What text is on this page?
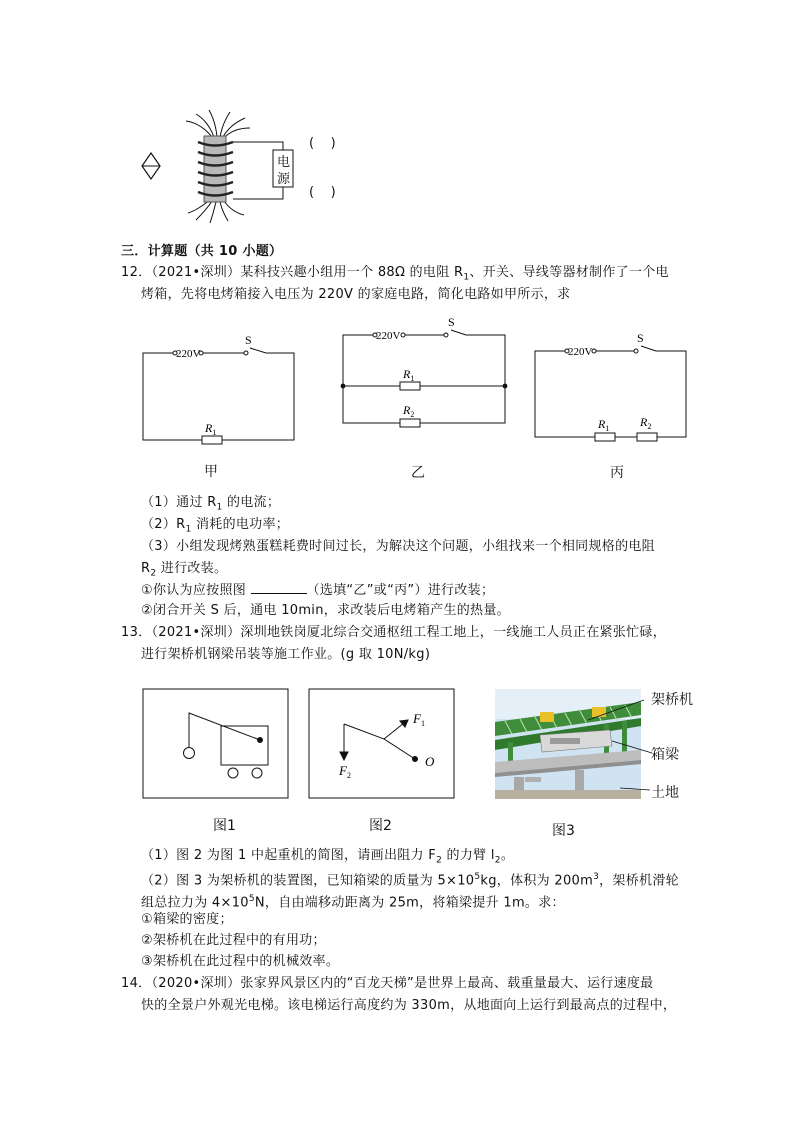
电
源
(    )
(    )
三．计算题（共 10 小题）
12．（2021•深圳）某科技兴趣小组用一个 88Ω 的电阻 $R_1$、开关、导线等器材制作了一个电
烤箱，先将电烤箱接入电压为 220V 的家庭电路，简化电路如甲所示，求
220V
S
$R_1$
220V
S
$R_1$
$R_2$
220V
S
$R_1$	$R_2$
甲	乙	丙
（1）通过 $R_1$ 的电流；
$(2)R_1$ 消耗的电功率；
（3）小组发现烤熟蛋糕耗费时间过长，为解决这个问题，小组找来一个相同规格的电阻
$R_2$ 进行改装。
①你认为应按照图	（选填“乙”或“丙”）进行改装；
②闭合开关 S 后，通电 10min，求改装后电烤箱产生的热量。
13．（2021•深圳）深圳地铁岗厦北综合交通枢纽工程工地上，一线施工人员正在紧张忙碌，
进行架桥机钢梁吊装等施工作业。(g 取 10N/kg)
$F_1$
$F_2$
O
架桥机
箱梁
土地
图1	图2	图3
（1）图 2 为图 1 中起重机的简图，请画出阻力 $F_2$ 的力臂 $l_2$。
（2）图 3 为架桥机的装置图，已知箱梁的质量为 $5\times 10^5kg$，体积为 $200m^3$，架桥机滑轮
组总拉力为 $4\times 10^5N$，自由端移动距离为 25m，将箱梁提升 1m。求：
①箱梁的密度；
②架桥机在此过程中的有用功；
③架桥机在此过程中的机械效率。
14．（2020•深圳）张家界风景区内的“百龙天梯”是世界上最高、载重量最大、运行速度最
快的全景户外观光电梯。该电梯运行高度约为 330m，从地面向上运行到最高点的过程中，
